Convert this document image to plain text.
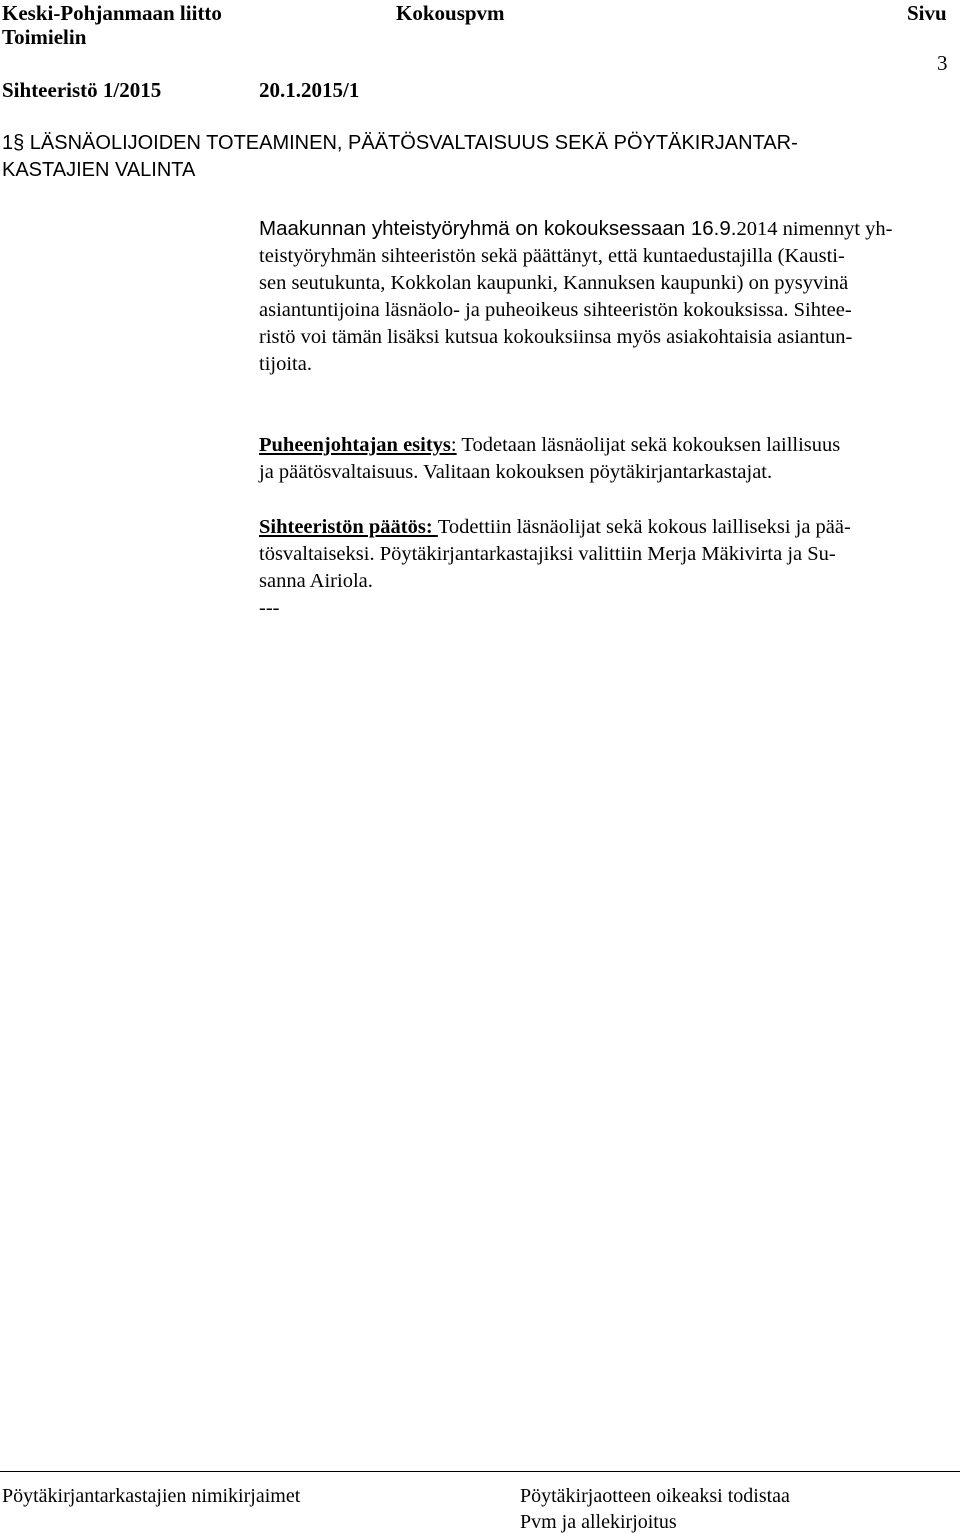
Keski-Pohjanmaan liitto	Kokouspvm	Sivu
Toimielin
3
Sihteeristö 1/2015	20.1.2015/1
1§ LÄSNÄOLIJOIDEN TOTEAMINEN, PÄÄTÖSVALTAISUUS SEKÄ PÖYTÄKIRJANTAR-
KASTAJIEN VALINTA
Maakunnan yhteistyöryhmä on kokouksessaan 16.9.2014 nimennyt yh-
teistyöryhmän sihteeristön sekä päättänyt, että kuntaedustajilla (Kausti-
sen seutukunta, Kokkolan kaupunki, Kannuksen kaupunki) on pysyvinä
asiantuntijoina läsnäolo- ja puheoikeus sihteeristön kokouksissa. Sihtee-
ristö voi tämän lisäksi kutsua kokouksiinsa myös asiakohtaisia asiantun-
tijoita.
Puheenjohtajan esitys: Todetaan läsnäolijat sekä kokouksen laillisuus
ja päätösvaltaisuus. Valitaan kokouksen pöytäkirjantarkastajat.
Sihteeristön päätös: Todettiin läsnäolijat sekä kokous lailliseksi ja pää-
tösvaltaiseksi. Pöytäkirjantarkastajiksi valittiin Merja Mäkivirta ja Su-
sanna Airiola.
---
Pöytäkirjantarkastajien nimikirjaimet	Pöytäkirjaotteen oikeaksi todistaa
Pvm ja allekirjoitus
